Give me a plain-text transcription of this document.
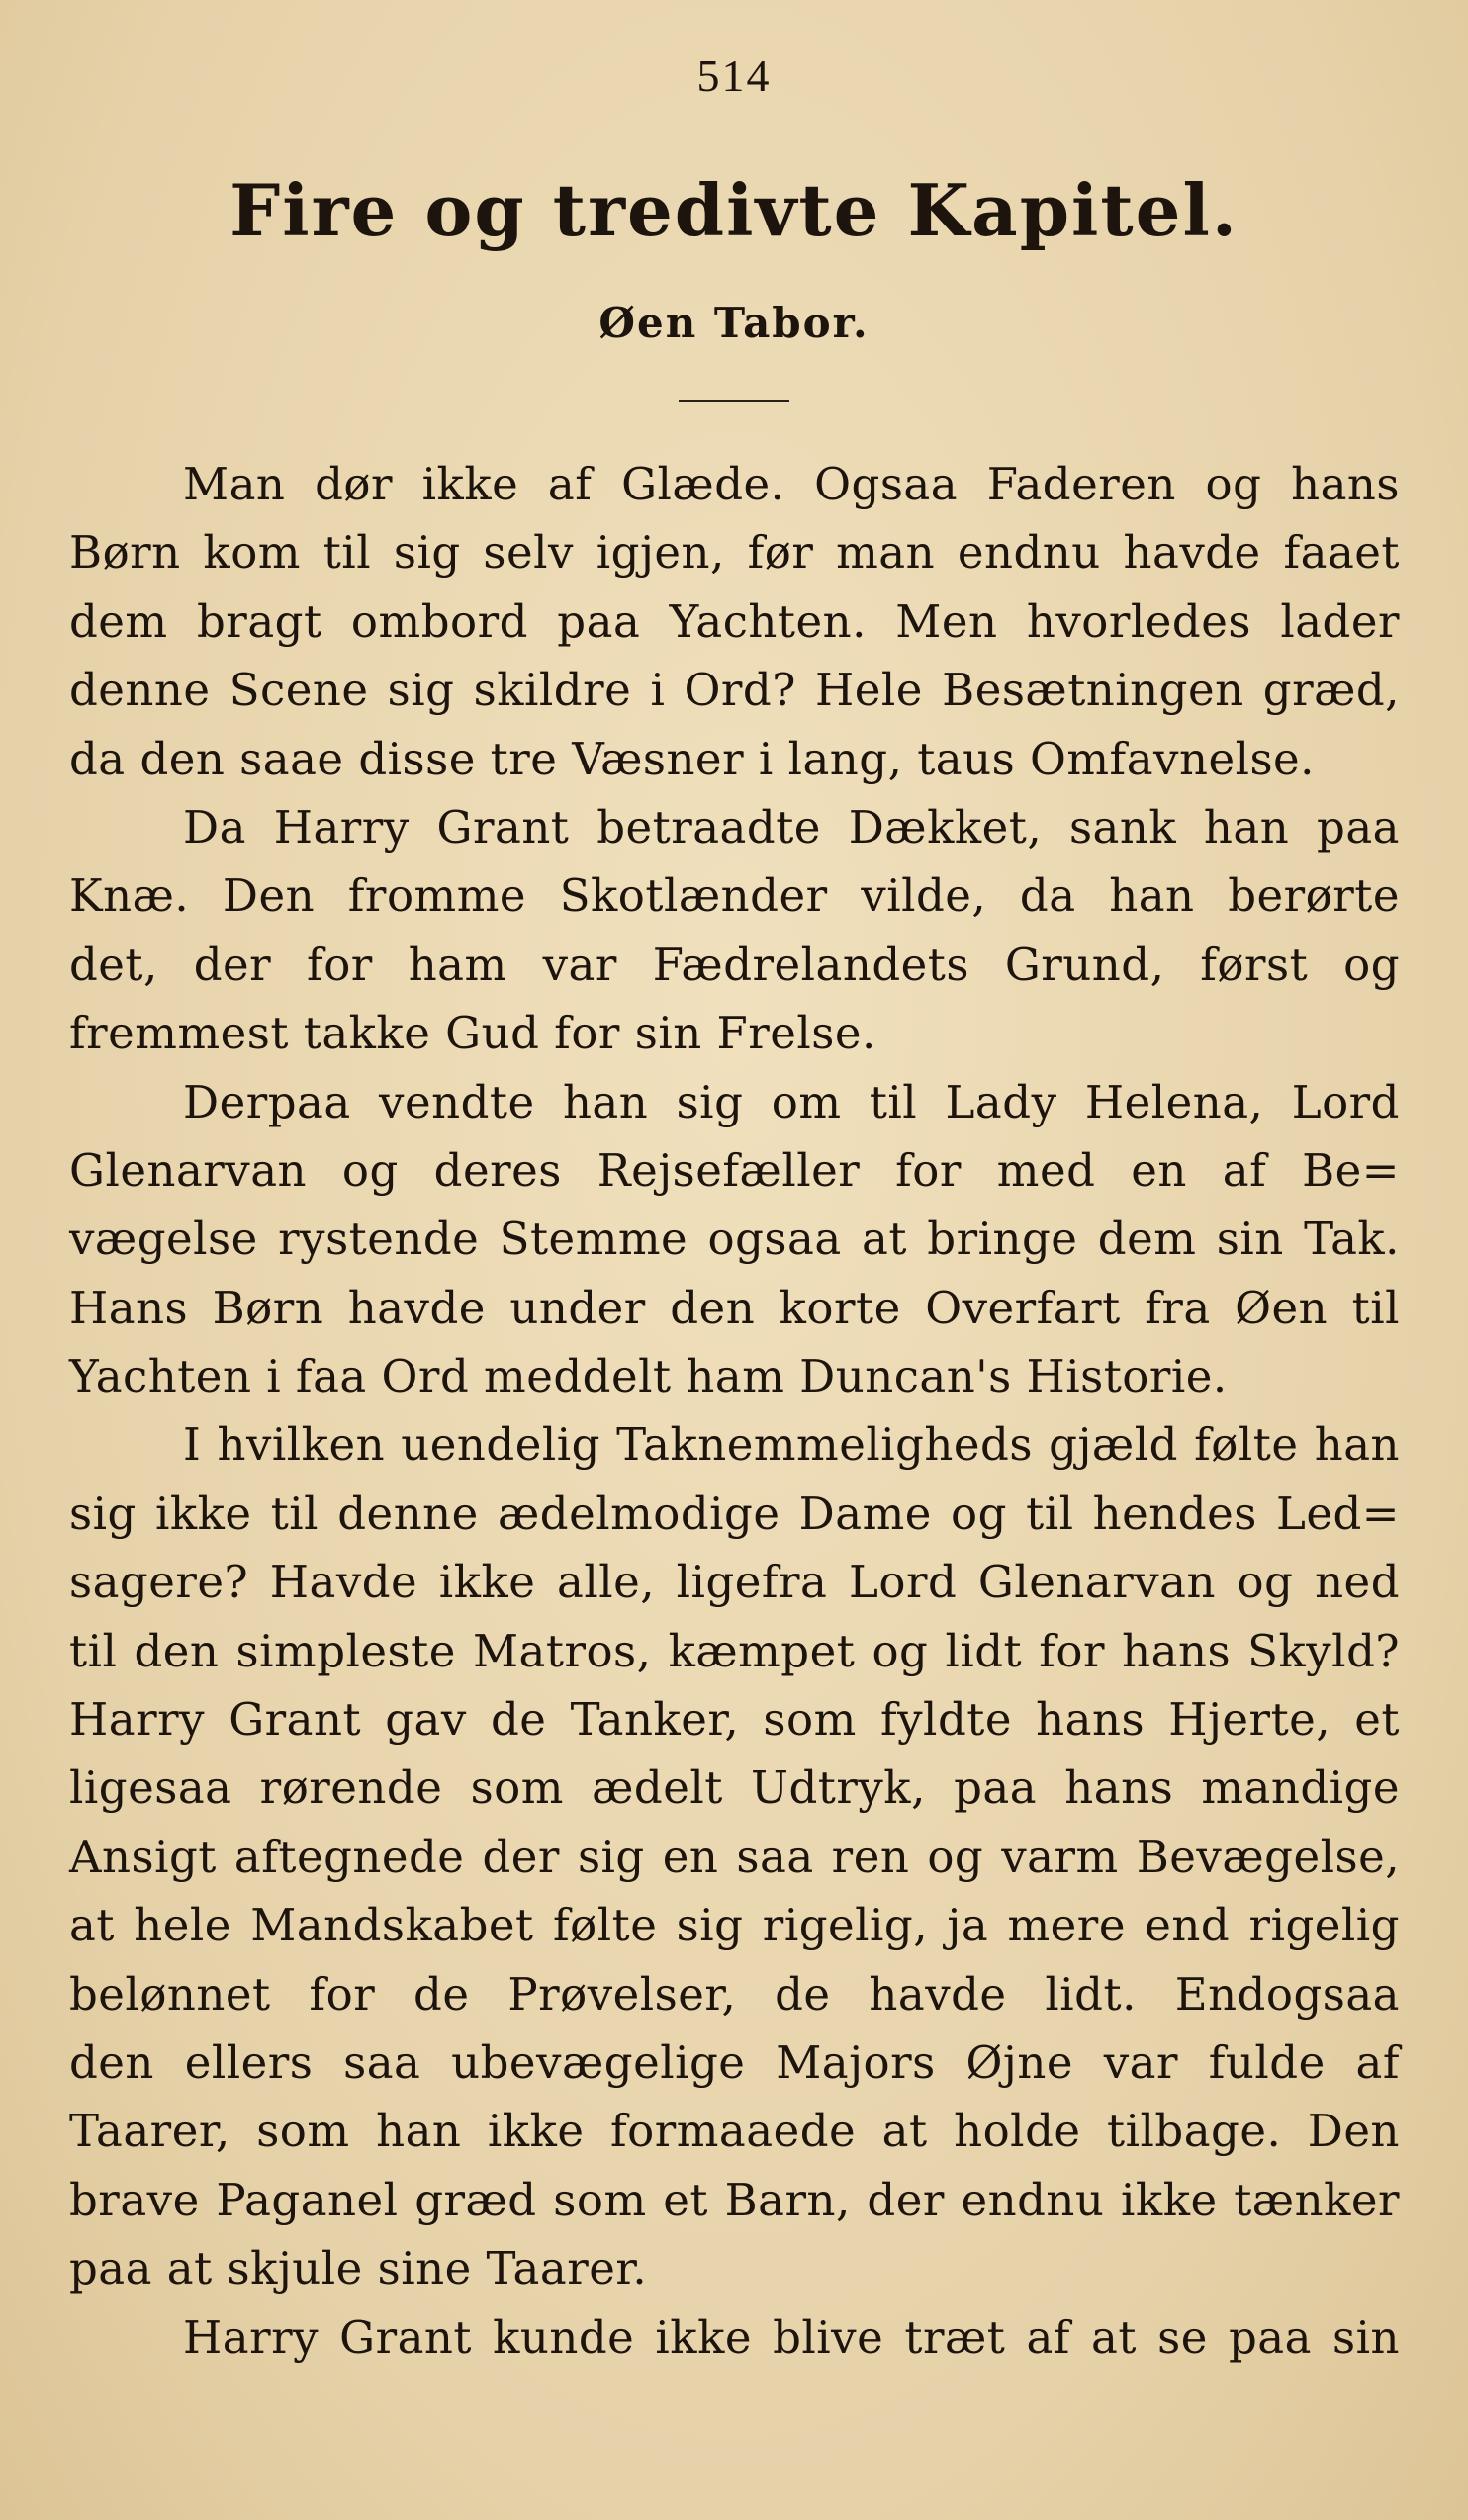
514
Fire og tredivte Kapitel.
Øen Tabor.
Man dør ikke af Glæde. Ogsaa Faderen og hans
Børn kom til sig selv igjen, før man endnu havde faaet
dem bragt ombord paa Yachten. Men hvorledes lader
denne Scene sig skildre i Ord? Hele Besætningen græd,
da den saae disse tre Væsner i lang, taus Omfavnelse.
Da Harry Grant betraadte Dækket, sank han paa
Knæ. Den fromme Skotlænder vilde, da han berørte
det, der for ham var Fædrelandets Grund, først og
fremmest takke Gud for sin Frelse.
Derpaa vendte han sig om til Lady Helena, Lord
Glenarvan og deres Rejsefæller for med en af Be=
vægelse rystende Stemme ogsaa at bringe dem sin Tak.
Hans Børn havde under den korte Overfart fra Øen til
Yachten i faa Ord meddelt ham Duncan's Historie.
I hvilken uendelig Taknemmeligheds gjæld følte han
sig ikke til denne ædelmodige Dame og til hendes Led=
sagere? Havde ikke alle, ligefra Lord Glenarvan og ned
til den simpleste Matros, kæmpet og lidt for hans Skyld?
Harry Grant gav de Tanker, som fyldte hans Hjerte, et
ligesaa rørende som ædelt Udtryk, paa hans mandige
Ansigt aftegnede der sig en saa ren og varm Bevægelse,
at hele Mandskabet følte sig rigelig, ja mere end rigelig
belønnet for de Prøvelser, de havde lidt. Endogsaa
den ellers saa ubevægelige Majors Øjne var fulde af
Taarer, som han ikke formaaede at holde tilbage. Den
brave Paganel græd som et Barn, der endnu ikke tænker
paa at skjule sine Taarer.
Harry Grant kunde ikke blive træt af at se paa sin
